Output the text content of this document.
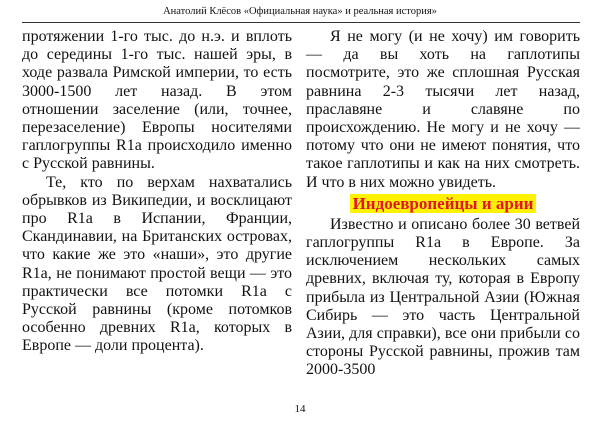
Анатолий Клёсов «Официальная наука» и реальная история»

протяжении 1-го тыс. до н.э. и вплоть до середины 1-го тыс. нашей эры, в ходе развала Римской империи, то есть 3000-1500 лет назад. В этом отношении заселение (или, точнее, перезаселение) Европы носителями гаплогруппы R1a происходило именно с Русской равнины.

Те, кто по верхам нахватались обрывков из Википедии, и восклицают про R1a в Испании, Франции, Скандинавии, на Британских островах, что какие же это «наши», это другие R1a, не понимают простой вещи — это практически все потомки R1a с Русской равнины (кроме потомков особенно древних R1a, которых в Европе — доли процента).

Я не могу (и не хочу) им говорить — да вы хоть на гаплотипы посмотрите, это же сплошная Русская равнина 2-3 тысячи лет назад, праславяне и славяне по происхождению. Не могу и не хочу — потому что они не имеют понятия, что такое гаплотипы и как на них смотреть. И что в них можно увидеть.

Индоевропейцы и арии

Известно и описано более 30 ветвей гаплогруппы R1a в Европе. За исключением нескольких самых древних, включая ту, которая в Европу прибыла из Центральной Азии (Южная Сибирь — это часть Центральной Азии, для справки), все они прибыли со стороны Русской равнины, прожив там 2000-3500

14
